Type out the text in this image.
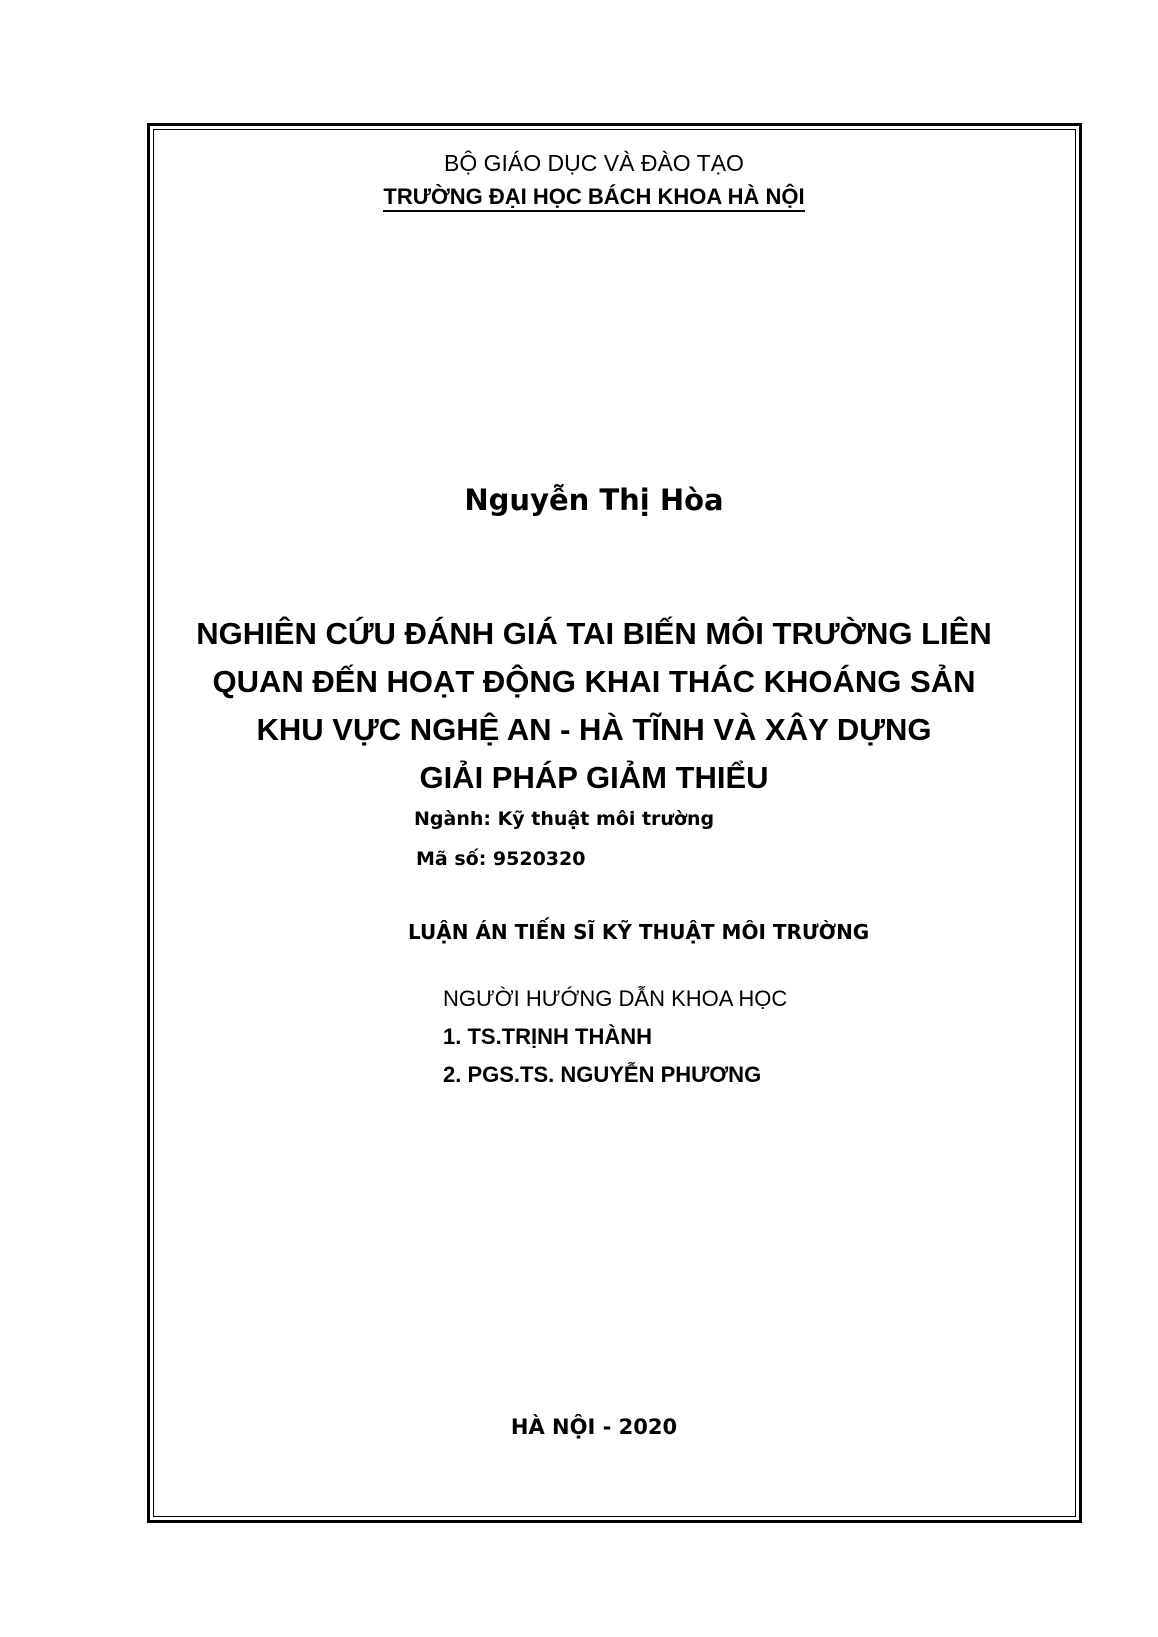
BỘ GIÁO DỤC VÀ ĐÀO TẠO
TRƯỜNG ĐẠI HỌC BÁCH KHOA HÀ NỘI
Nguyễn Thị Hòa
NGHIÊN CỨU ĐÁNH GIÁ TAI BIẾN MÔI TRƯỜNG LIÊN
QUAN ĐẾN HOẠT ĐỘNG KHAI THÁC KHOÁNG SẢN
KHU VỰC NGHỆ AN - HÀ TĨNH VÀ XÂY DỰNG
GIẢI PHÁP GIẢM THIỂU
Ngành: Kỹ thuật môi trường
Mã số: 9520320
LUẬN ÁN TIẾN SĨ KỸ THUẬT MÔI TRƯỜNG
NGƯỜI HƯỚNG DẪN KHOA HỌC
1. TS.TRỊNH THÀNH
2. PGS.TS. NGUYỄN PHƯƠNG
HÀ NỘI - 2020
